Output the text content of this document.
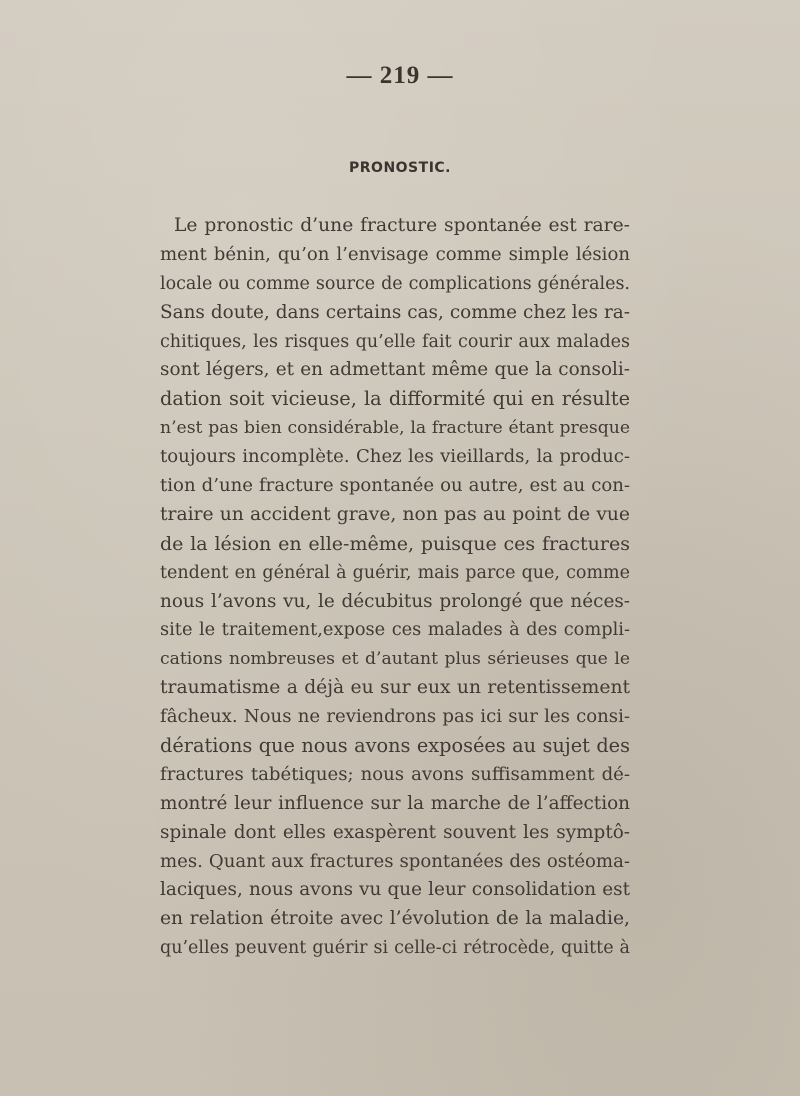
— 219 —
PRONOSTIC.
Le pronostic d’une fracture spontanée est rare-
ment bénin, qu’on l’envisage comme simple lésion
locale ou comme source de complications générales.
Sans doute, dans certains cas, comme chez les ra-
chitiques, les risques qu’elle fait courir aux malades
sont légers, et en admettant même que la consoli-
dation soit vicieuse, la difformité qui en résulte
n’est pas bien considérable, la fracture étant presque
toujours incomplète. Chez les vieillards, la produc-
tion d’une fracture spontanée ou autre, est au con-
traire un accident grave, non pas au point de vue
de la lésion en elle-même, puisque ces fractures
tendent en général à guérir, mais parce que, comme
nous l’avons vu, le décubitus prolongé que néces-
site le traitement,expose ces malades à des compli-
cations nombreuses et d’autant plus sérieuses que le
traumatisme a déjà eu sur eux un retentissement
fâcheux. Nous ne reviendrons pas ici sur les consi-
dérations que nous avons exposées au sujet des
fractures tabétiques; nous avons suffisamment dé-
montré leur influence sur la marche de l’affection
spinale dont elles exaspèrent souvent les symptô-
mes. Quant aux fractures spontanées des ostéoma-
laciques, nous avons vu que leur consolidation est
en relation étroite avec l’évolution de la maladie,
qu’elles peuvent guérir si celle-ci rétrocède, quitte à
